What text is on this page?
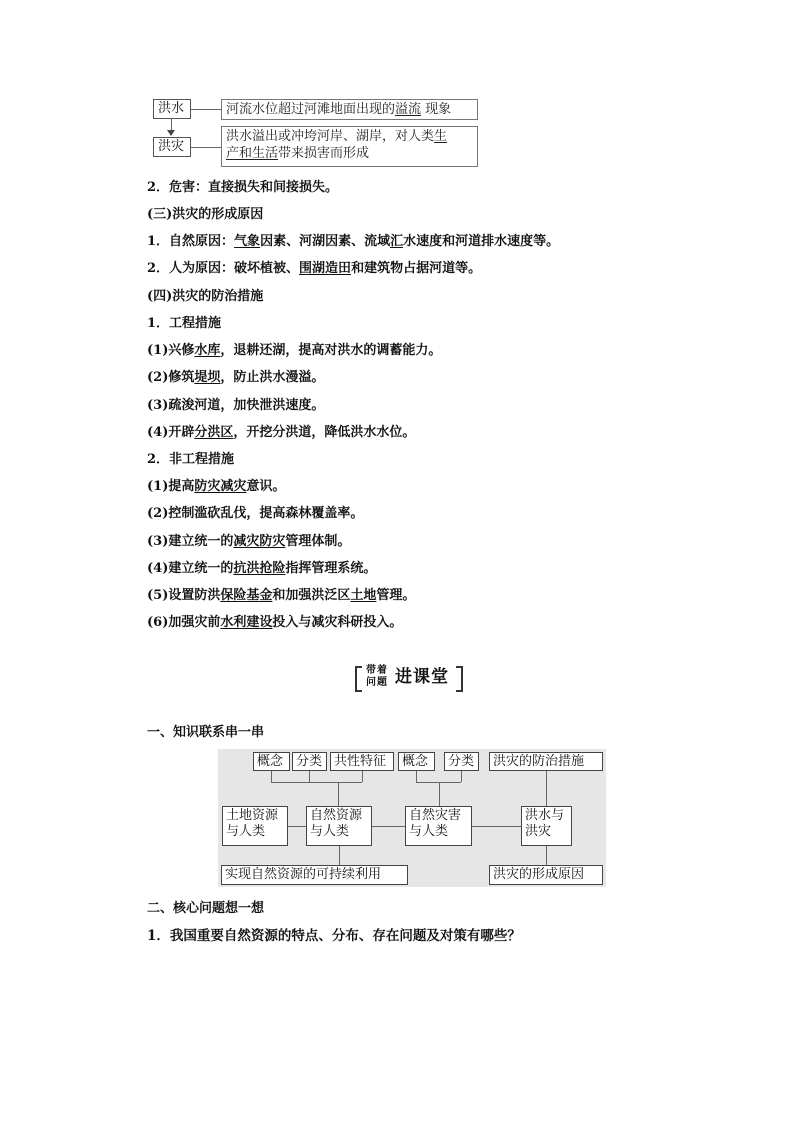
洪水
洪灾
河流水位超过河滩地面出现的溢流 现象
洪水溢出或冲垮河岸、湖岸，对人类生
产和生活带来损害而形成
2．危害：直接损失和间接损失。
(三)洪灾的形成原因
1．自然原因：气象因素、河湖因素、流域汇水速度和河道排水速度等。
2．人为原因：破坏植被、围湖造田和建筑物占据河道等。
(四)洪灾的防治措施
1．工程措施
(1)兴修水库，退耕还湖，提高对洪水的调蓄能力。
(2)修筑堤坝，防止洪水漫溢。
(3)疏浚河道，加快泄洪速度。
(4)开辟分洪区，开挖分洪道，降低洪水水位。
2．非工程措施
(1)提高防灾减灾意识。
(2)控制滥砍乱伐，提高森林覆盖率。
(3)建立统一的减灾防灾管理体制。
(4)建立统一的抗洪抢险指挥管理系统。
(5)设置防洪保险基金和加强洪泛区土地管理。
(6)加强灾前水利建设投入与减灾科研投入。
带着
问题 进课堂
一、知识联系串一串
概念 分类 共性特征	概念	分类	洪灾的防治措施
土地资源
与人类
自然资源
与人类
自然灾害
与人类
洪水与
洪灾
实现自然资源的可持续利用	洪灾的形成原因
二、核心问题想一想
1．我国重要自然资源的特点、分布、存在问题及对策有哪些？
